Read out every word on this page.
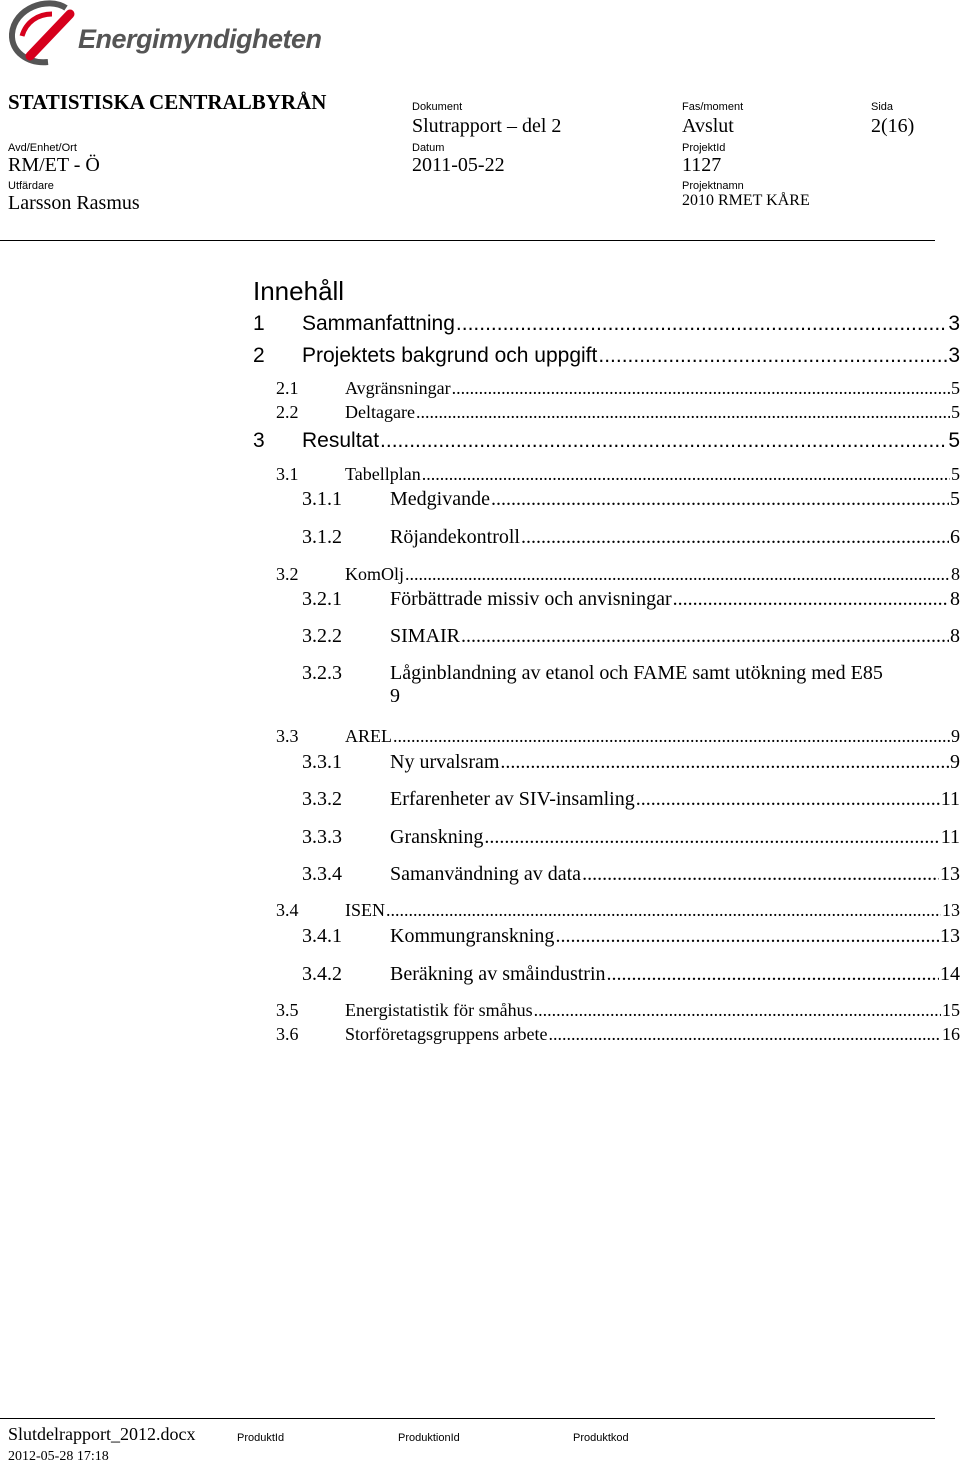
Energimyndigheten
STATISTISKA CENTRALBYRÅN	Dokument
Slutrapport – del 2
Fas/moment
Avslut
Sida
2(16)
Avd/Enhet/Ort
RM/ET - Ö
Datum
2011-05-22
ProjektId
1127
Utfärdare
Larsson Rasmus
Projektnamn
2010 RMET KÅRE
Innehåll
1	Sammanfattning .....	3
2	Projektets bakgrund och uppgift .....	3
2.1	Avgränsningar .....	5
2.2	Deltagare .....	5
3	Resultat .....	5
3.1	Tabellplan .....	5
3.1.1	Medgivande .....	5
3.1.2	Röjandekontroll .....	6
3.2	KomOlj .....	8
3.2.1	Förbättrade missiv och anvisningar .....	8
3.2.2	SIMAIR .....	8
3.2.3 Låginblandning av etanol och FAME samt utökning med E85
9
3.3	AREL .....	9
3.3.1	Ny urvalsram .....	9
3.3.2	Erfarenheter av SIV-insamling .....	11
3.3.3	Granskning .....	11
3.3.4	Samanvändning av data .....	13
3.4	ISEN .....	13
3.4.1	Kommungranskning .....	13
3.4.2	Beräkning av småindustrin .....	14
3.5	Energistatistik för småhus .....	15
3.6	Storföretagsgruppens arbete .....	16
Slutdelrapport_2012.docx
2012-05-28 17:18
ProduktId	ProduktionId	Produktkod
